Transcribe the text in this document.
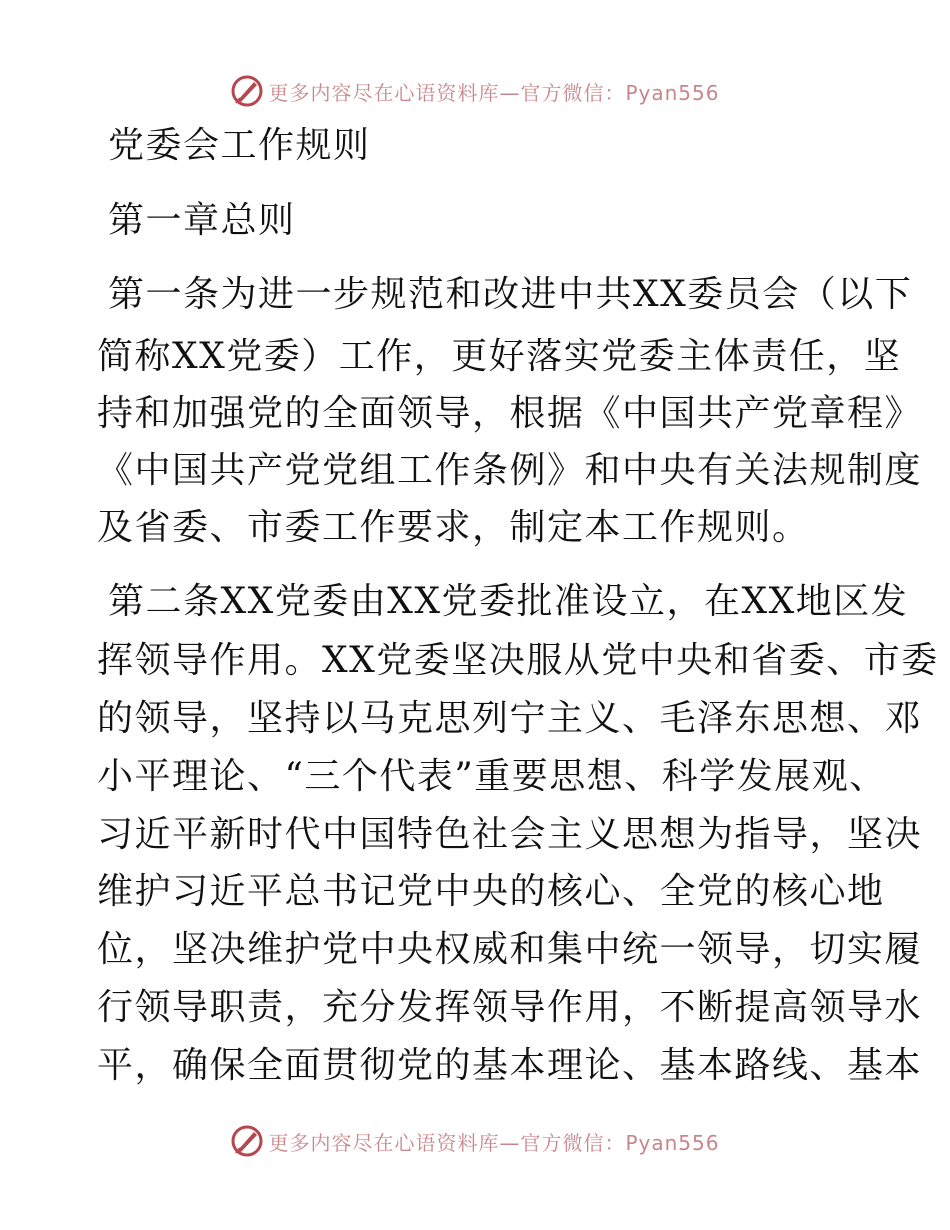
更多内容尽在心语资料库—官方微信：Pyan556
党委会工作规则
第一章总则
第一条为进一步规范和改进中共XX委员会（以下
简称XX党委）工作，更好落实党委主体责任，坚
持和加强党的全面领导，根据《中国共产党章程》
《中国共产党党组工作条例》和中央有关法规制度
及省委、市委工作要求，制定本工作规则。
第二条XX党委由XX党委批准设立，在XX地区发
挥领导作用。XX党委坚决服从党中央和省委、市委
的领导，坚持以马克思列宁主义、毛泽东思想、邓
小平理论、“三个代表”重要思想、科学发展观、
习近平新时代中国特色社会主义思想为指导，坚决
维护习近平总书记党中央的核心、全党的核心地
位，坚决维护党中央权威和集中统一领导，切实履
行领导职责，充分发挥领导作用，不断提高领导水
平，确保全面贯彻党的基本理论、基本路线、基本
更多内容尽在心语资料库—官方微信：Pyan556
